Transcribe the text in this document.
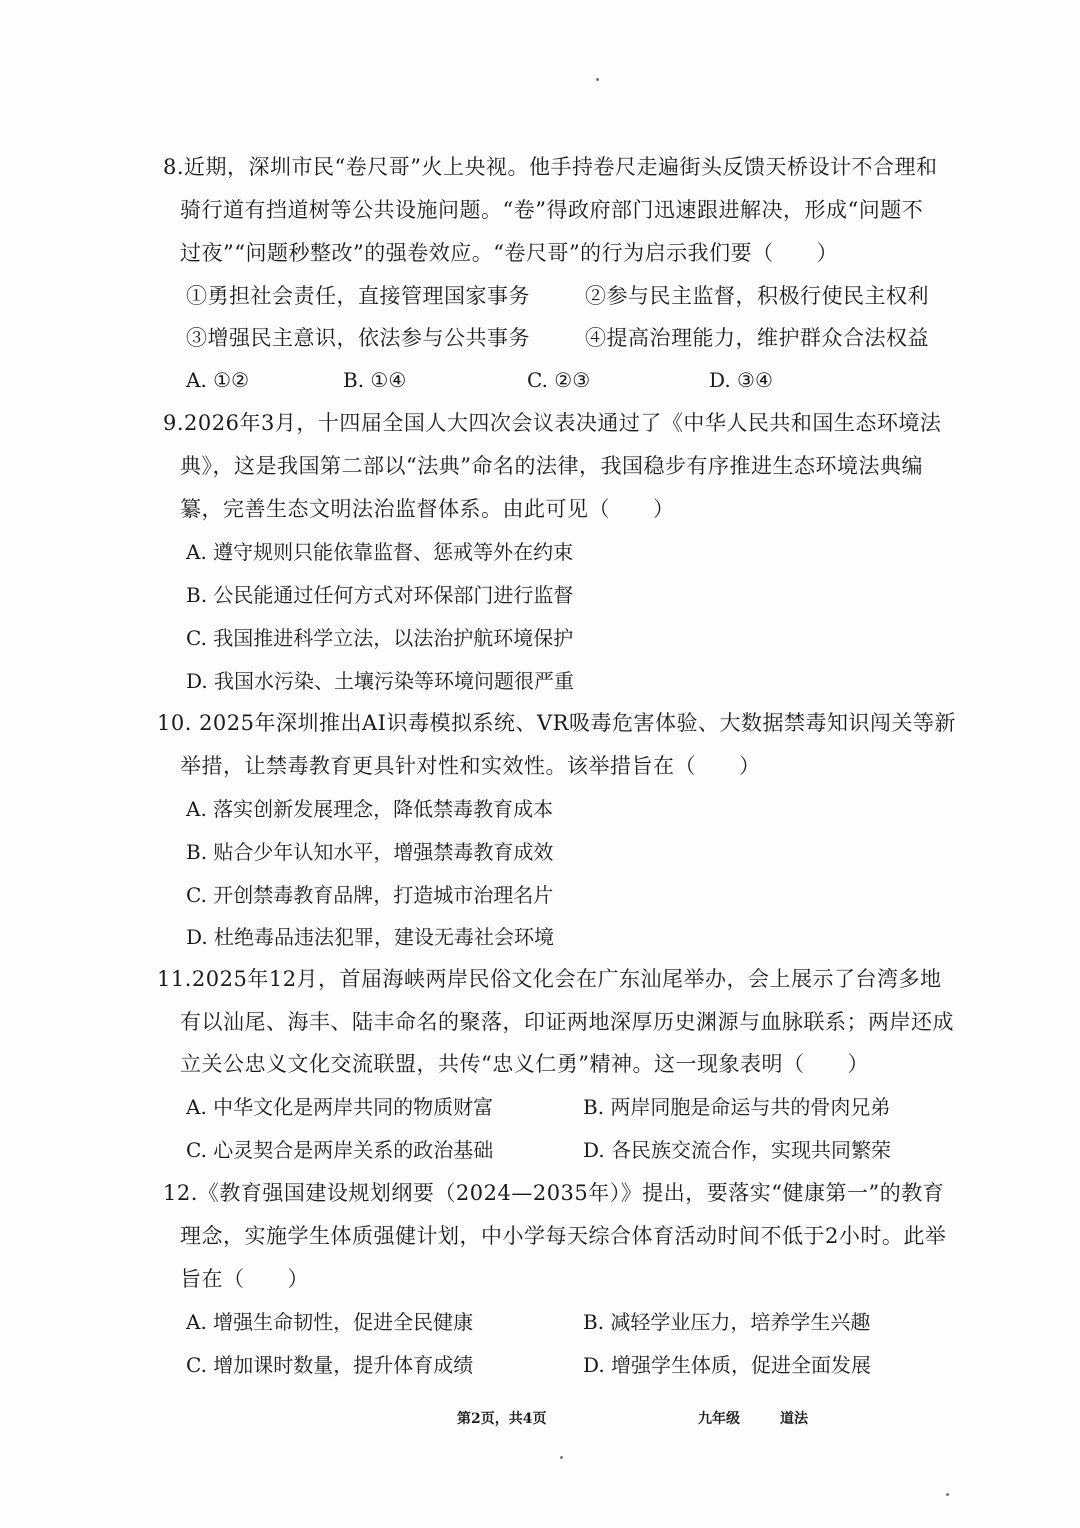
8.近期，深圳市民“卷尺哥”火上央视。他手持卷尺走遍街头反馈天桥设计不合理和
骑行道有挡道树等公共设施问题。“卷”得政府部门迅速跟进解决，形成“问题不
过夜”“问题秒整改”的强卷效应。“卷尺哥”的行为启示我们要（　　）
①勇担社会责任，直接管理国家事务	②参与民主监督，积极行使民主权利
③增强民主意识，依法参与公共事务	④提高治理能力，维护群众合法权益
A. ①②	B. ①④	C. ②③	D. ③④
9.2026年3月，十四届全国人大四次会议表决通过了《中华人民共和国生态环境法
典》，这是我国第二部以“法典”命名的法律，我国稳步有序推进生态环境法典编
纂，完善生态文明法治监督体系。由此可见（　　）
A. 遵守规则只能依靠监督、惩戒等外在约束
B. 公民能通过任何方式对环保部门进行监督
C. 我国推进科学立法，以法治护航环境保护
D. 我国水污染、土壤污染等环境问题很严重
10. 2025年深圳推出AI识毒模拟系统、VR吸毒危害体验、大数据禁毒知识闯关等新
举措，让禁毒教育更具针对性和实效性。该举措旨在（　　）
A. 落实创新发展理念，降低禁毒教育成本
B. 贴合少年认知水平，增强禁毒教育成效
C. 开创禁毒教育品牌，打造城市治理名片
D. 杜绝毒品违法犯罪，建设无毒社会环境
11.2025年12月，首届海峡两岸民俗文化会在广东汕尾举办，会上展示了台湾多地
有以汕尾、海丰、陆丰命名的聚落，印证两地深厚历史渊源与血脉联系；两岸还成
立关公忠义文化交流联盟，共传“忠义仁勇”精神。这一现象表明（　　）
A. 中华文化是两岸共同的物质财富	B. 两岸同胞是命运与共的骨肉兄弟
C. 心灵契合是两岸关系的政治基础	D. 各民族交流合作，实现共同繁荣
12.《教育强国建设规划纲要（2024—2035年）》提出，要落实“健康第一”的教育
理念，实施学生体质强健计划，中小学每天综合体育活动时间不低于2小时。此举
旨在（　　）
A. 增强生命韧性，促进全民健康	B. 减轻学业压力，培养学生兴趣
C. 增加课时数量，提升体育成绩	D. 增强学生体质，促进全面发展
第2页，共4页	九年级	道法
